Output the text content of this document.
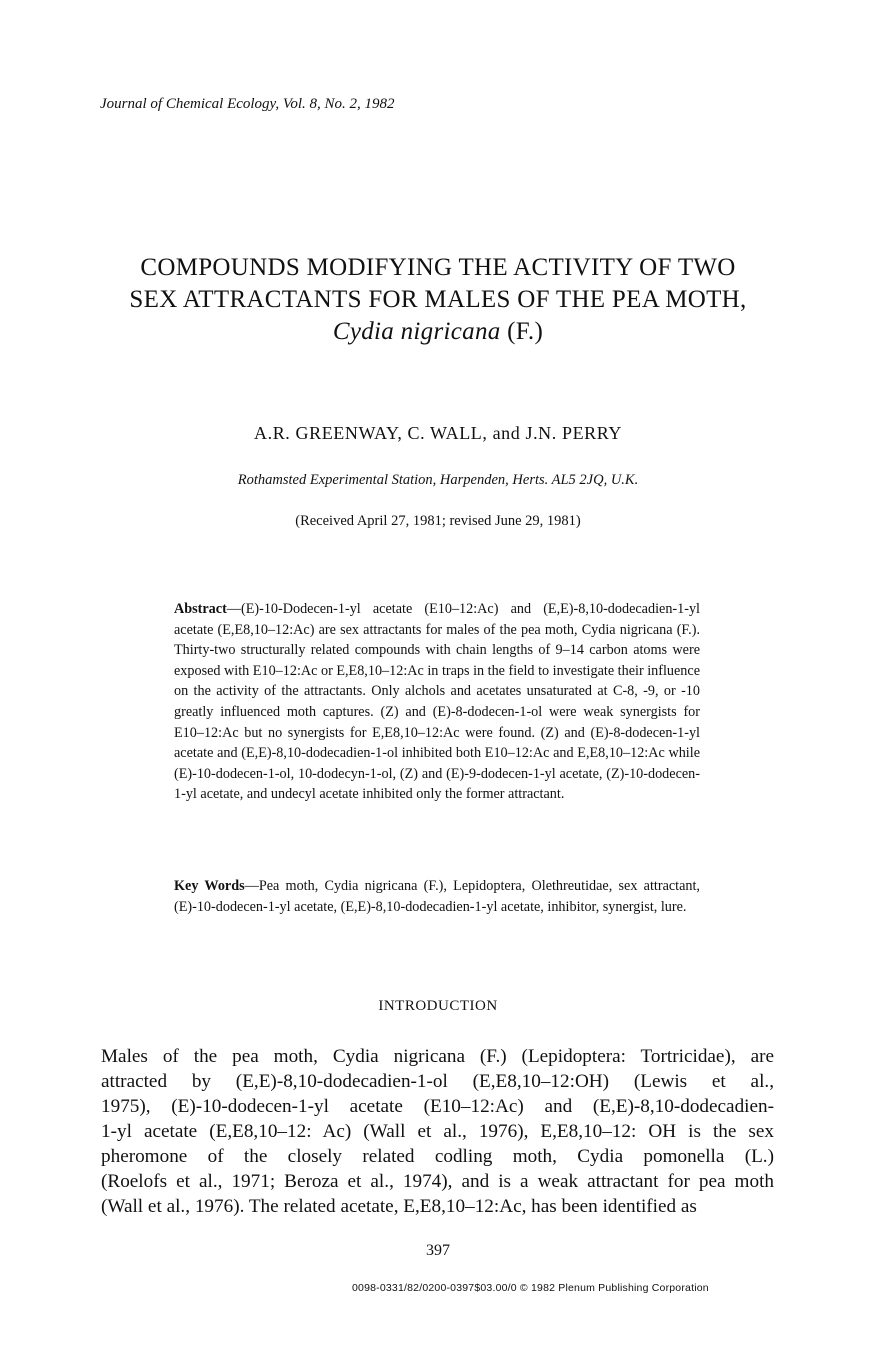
Journal of Chemical Ecology, Vol. 8, No. 2, 1982
COMPOUNDS MODIFYING THE ACTIVITY OF TWO
SEX ATTRACTANTS FOR MALES OF THE PEA MOTH,
Cydia nigricana (F.)
A.R. GREENWAY, C. WALL, and J.N. PERRY
Rothamsted Experimental Station, Harpenden, Herts. AL5 2JQ, U.K.
(Received April 27, 1981; revised June 29, 1981)
Abstract—(E)-10-Dodecen-1-yl acetate (E10–12:Ac) and (E,E)-8,10-dodecadien-1-yl acetate (E,E8,10–12:Ac) are sex attractants for males of the pea moth, Cydia nigricana (F.). Thirty-two structurally related compounds with chain lengths of 9–14 carbon atoms were exposed with E10–12:Ac or E,E8,10–12:Ac in traps in the field to investigate their influence on the activity of the attractants. Only alchols and acetates unsaturated at C-8, -9, or -10 greatly influenced moth captures. (Z) and (E)-8-dodecen-1-ol were weak synergists for E10–12:Ac but no synergists for E,E8,10–12:Ac were found. (Z) and (E)-8-dodecen-1-yl acetate and (E,E)-8,10-dodecadien-1-ol inhibited both E10–12:Ac and E,E8,10–12:Ac while (E)-10-dodecen-1-ol, 10-dodecyn-1-ol, (Z) and (E)-9-dodecen-1-yl acetate, (Z)-10-dodecen-1-yl acetate, and undecyl acetate inhibited only the former attractant.
Key Words—Pea moth, Cydia nigricana (F.), Lepidoptera, Olethreutidae, sex attractant, (E)-10-dodecen-1-yl acetate, (E,E)-8,10-dodecadien-1-yl acetate, inhibitor, synergist, lure.
INTRODUCTION
Males of the pea moth, Cydia nigricana (F.) (Lepidoptera: Tortricidae), are
attracted by (E,E)-8,10-dodecadien-1-ol (E,E8,10–12:OH) (Lewis et al.,
1975), (E)-10-dodecen-1-yl acetate (E10–12:Ac) and (E,E)-8,10-dodecadien-
1-yl acetate (E,E8,10–12: Ac) (Wall et al., 1976), E,E8,10–12: OH is the sex
pheromone of the closely related codling moth, Cydia pomonella (L.)
(Roelofs et al., 1971; Beroza et al., 1974), and is a weak attractant for pea moth
(Wall et al., 1976). The related acetate, E,E8,10–12:Ac, has been identified as
397
0098-0331/82/0200-0397$03.00/0 © 1982 Plenum Publishing Corporation
